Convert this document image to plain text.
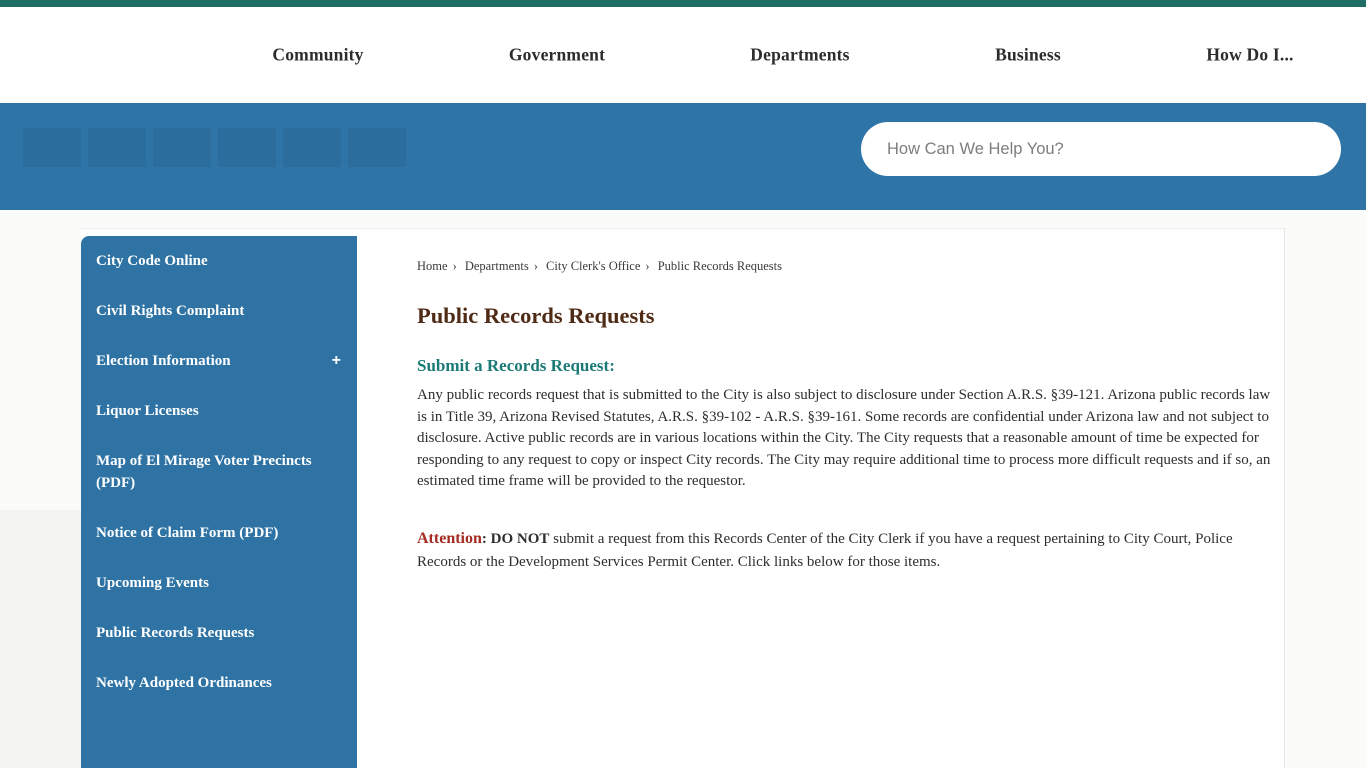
Community	Government	Departments	Business	How Do I...
How Can We Help You?
City Code Online
Civil Rights Complaint
Election Information	+
Liquor Licenses
Map of El Mirage Voter Precincts (PDF)
Notice of Claim Form (PDF)
Upcoming Events
Public Records Requests
Newly Adopted Ordinances
Home › Departments › City Clerk's Office › Public Records Requests
Public Records Requests
Submit a Records Request:

Any public records request that is submitted to the City is also subject to disclosure under Section A.R.S. §39-121. Arizona public records law is in Title 39, Arizona Revised Statutes, A.R.S. §39-102 - A.R.S. §39-161. Some records are confidential under Arizona law and not subject to disclosure. Active public records are in various locations within the City. The City requests that a reasonable amount of time be expected for responding to any request to copy or inspect City records. The City may require additional time to process more difficult requests and if so, an estimated time frame will be provided to the requestor.

Attention: DO NOT submit a request from this Records Center of the City Clerk if you have a request pertaining to City Court, Police Records or the Development Services Permit Center. Click links below for those items.
